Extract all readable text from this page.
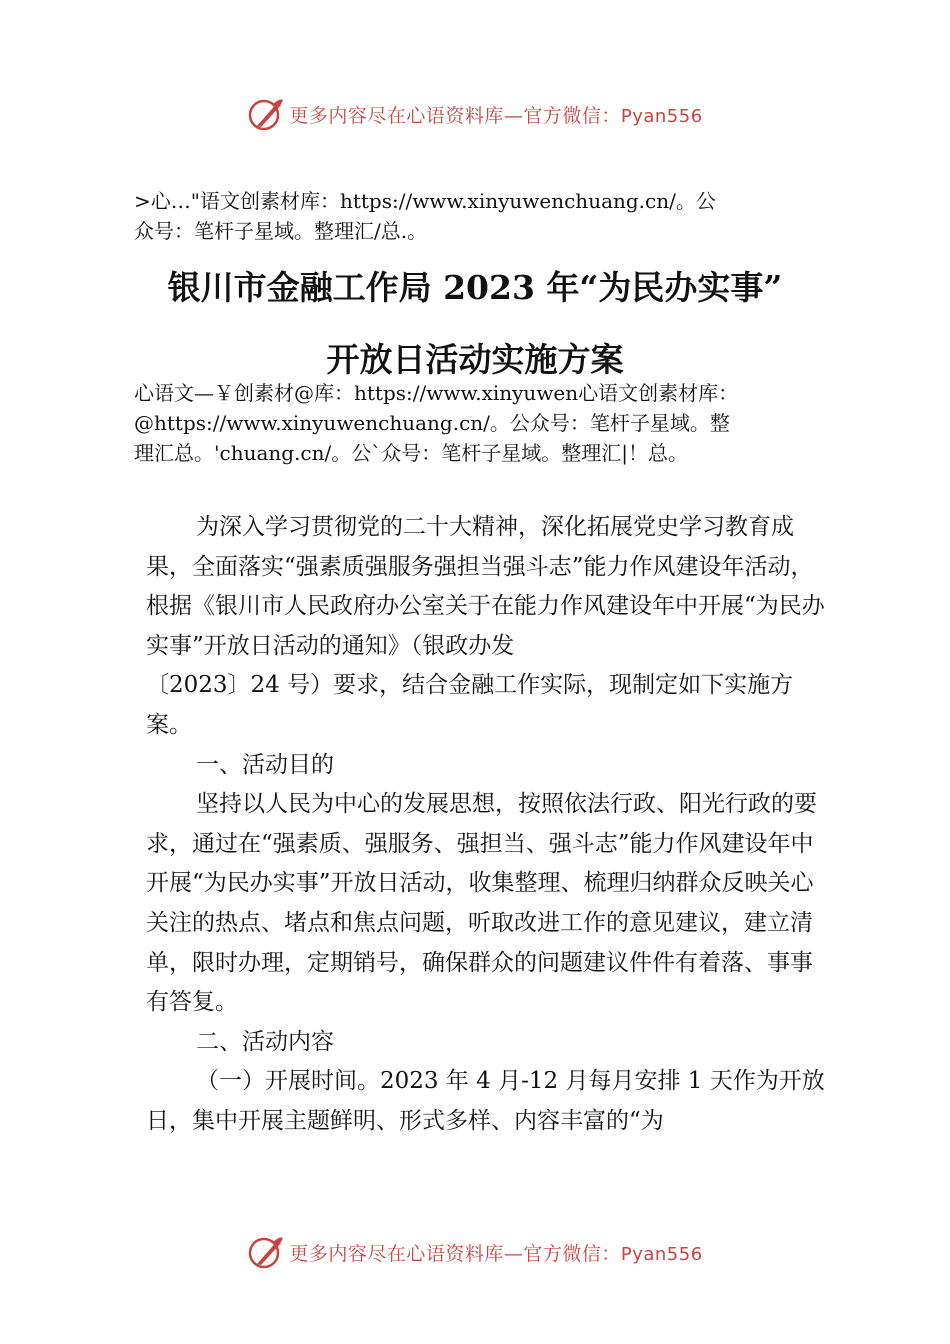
更多内容尽在心语资料库—官方微信：Pyan556
>心…"语文创素材库：https://www.xinyuwenchuang.cn/。公
众号：笔杆子星域。整理汇/总.。
银川市金融工作局 2023 年“为民办实事”
开放日活动实施方案
心语文—￥创素材@库：https://www.xinyuwen心语文创素材库：
@https://www.xinyuwenchuang.cn/。公众号：笔杆子星域。整
理汇总。'chuang.cn/。公`众号：笔杆子星域。整理汇|！总。

为深入学习贯彻党的二十大精神，深化拓展党史学习教育成果，全面落实“强素质强服务强担当强斗志”能力作风建设年活动，根据《银川市人民政府办公室关于在能力作风建设年中开展“为民办实事”开放日活动的通知》（银政办发

〔2023〕24 号）要求，结合金融工作实际，现制定如下实施方案。

一、活动目的

坚持以人民为中心的发展思想，按照依法行政、阳光行政的要求，通过在“强素质、强服务、强担当、强斗志”能力作风建设年中开展“为民办实事”开放日活动，收集整理、梳理归纳群众反映关心关注的热点、堵点和焦点问题，听取改进工作的意见建议，建立清单，限时办理，定期销号，确保群众的问题建议件件有着落、事事有答复。

二、活动内容

（一）开展时间。2023 年 4 月-12 月每月安排 1 天作为开放日，集中开展主题鲜明、形式多样、内容丰富的“为

更多内容尽在心语资料库—官方微信：Pyan556
